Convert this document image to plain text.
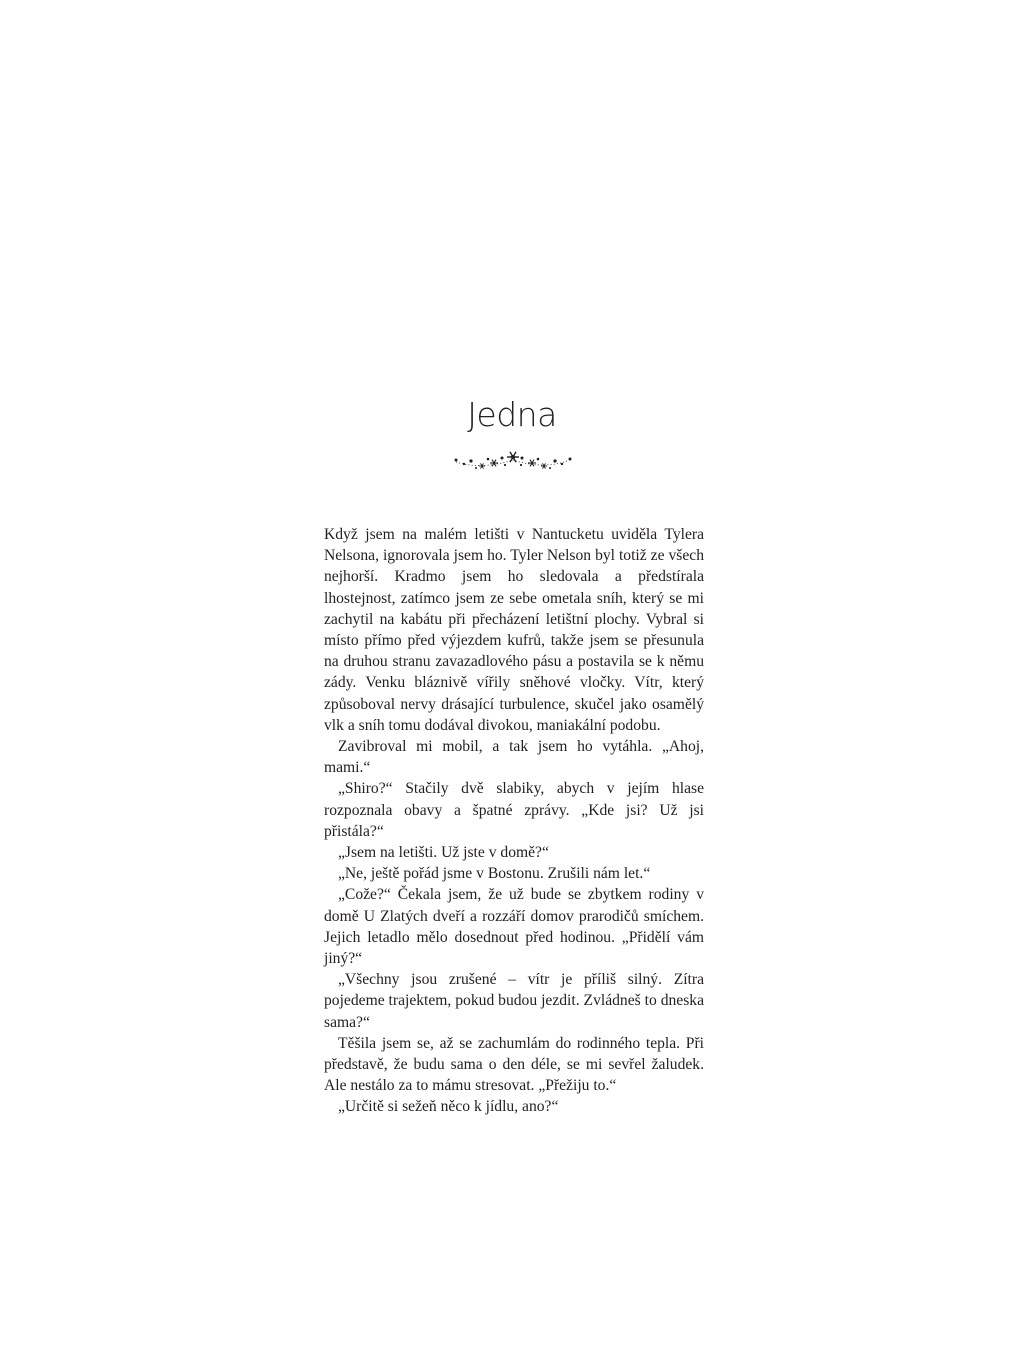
Jedna

Když jsem na malém letišti v Nantucketu uviděla Tylera Nelsona, ignorovala jsem ho. Tyler Nelson byl totiž ze všech nejhorší. Kradmo jsem ho sledovala a předstírala lhostejnost, zatímco jsem ze sebe ometala sníh, který se mi zachytil na kabátu při přecházení letištní plochy. Vybral si místo přímo před výjezdem kufrů, takže jsem se přesunula na druhou stranu zavazadlového pásu a postavila se k němu zády. Venku bláznivě vířily sněhové vločky. Vítr, který způsoboval nervy drásající turbulence, skučel jako osamělý vlk a sníh tomu dodával divokou, maniakální podobu.

Zavibroval mi mobil, a tak jsem ho vytáhla. „Ahoj, mami.“

„Shiro?“ Stačily dvě slabiky, abych v jejím hlase rozpoznala obavy a špatné zprávy. „Kde jsi? Už jsi přistála?“

„Jsem na letišti. Už jste v domě?“

„Ne, ještě pořád jsme v Bostonu. Zrušili nám let.“

„Cože?“ Čekala jsem, že už bude se zbytkem rodiny v domě U Zlatých dveří a rozzáří domov prarodičů smíchem. Jejich letadlo mělo dosednout před hodinou. „Přidělí vám jiný?“

„Všechny jsou zrušené – vítr je příliš silný. Zítra pojedeme trajektem, pokud budou jezdit. Zvládneš to dneska sama?“

Těšila jsem se, až se zachumlám do rodinného tepla. Při představě, že budu sama o den déle, se mi sevřel žaludek. Ale nestálo za to mámu stresovat. „Přežiju to.“

„Určitě si sežeň něco k jídlu, ano?“
